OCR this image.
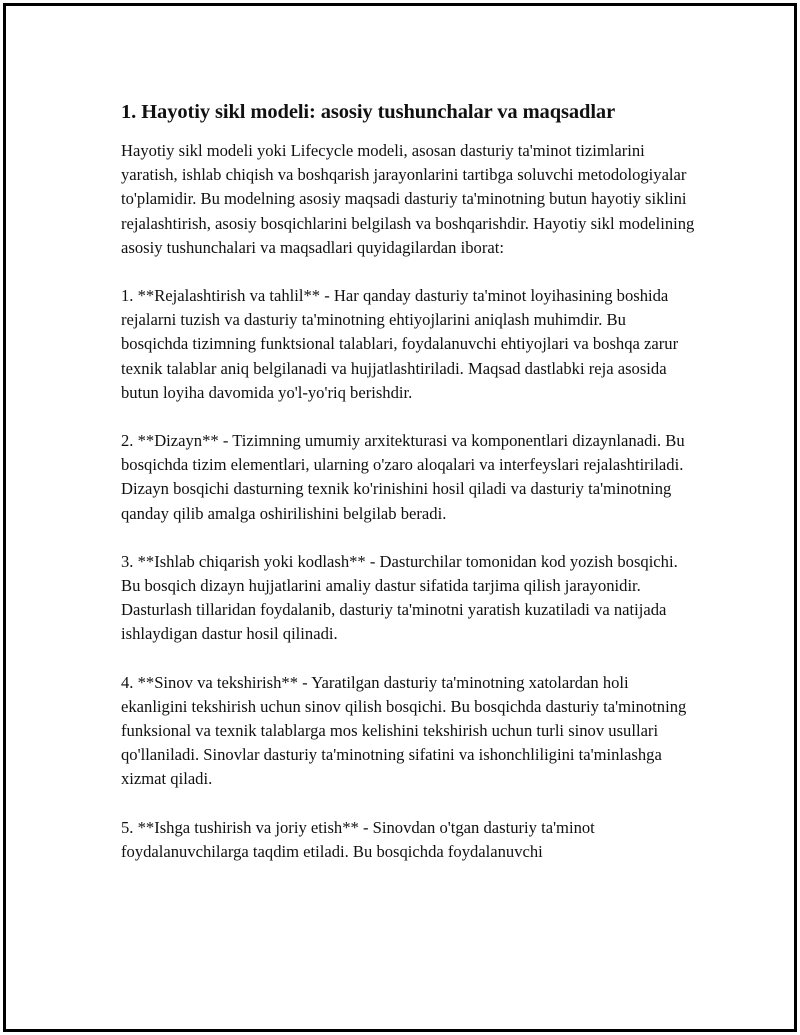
1. Hayotiy sikl modeli: asosiy tushunchalar va maqsadlar

Hayotiy sikl modeli yoki Lifecycle modeli, asosan dasturiy ta'minot tizimlarini yaratish, ishlab chiqish va boshqarish jarayonlarini tartibga soluvchi metodologiyalar to'plamidir. Bu modelning asosiy maqsadi dasturiy ta'minotning butun hayotiy siklini rejalashtirish, asosiy bosqichlarini belgilash va boshqarishdir. Hayotiy sikl modelining asosiy tushunchalari va maqsadlari quyidagilardan iborat:

1. **Rejalashtirish va tahlil** - Har qanday dasturiy ta'minot loyihasining boshida rejalarni tuzish va dasturiy ta'minotning ehtiyojlarini aniqlash muhimdir. Bu bosqichda tizimning funktsional talablari, foydalanuvchi ehtiyojlari va boshqa zarur texnik talablar aniq belgilanadi va hujjatlashtiriladi. Maqsad dastlabki reja asosida butun loyiha davomida yo'l-yo'riq berishdir.

2. **Dizayn** - Tizimning umumiy arxitekturasi va komponentlari dizaynlanadi. Bu bosqichda tizim elementlari, ularning o'zaro aloqalari va interfeyslari rejalashtiriladi. Dizayn bosqichi dasturning texnik ko'rinishini hosil qiladi va dasturiy ta'minotning qanday qilib amalga oshirilishini belgilab beradi.

3. **Ishlab chiqarish yoki kodlash** - Dasturchilar tomonidan kod yozish bosqichi. Bu bosqich dizayn hujjatlarini amaliy dastur sifatida tarjima qilish jarayonidir. Dasturlash tillaridan foydalanib, dasturiy ta'minotni yaratish kuzatiladi va natijada ishlaydigan dastur hosil qilinadi.

4. **Sinov va tekshirish** - Yaratilgan dasturiy ta'minotning xatolardan holi ekanligini tekshirish uchun sinov qilish bosqichi. Bu bosqichda dasturiy ta'minotning funksional va texnik talablarga mos kelishini tekshirish uchun turli sinov usullari qo'llaniladi. Sinovlar dasturiy ta'minotning sifatini va ishonchliligini ta'minlashga xizmat qiladi.

5. **Ishga tushirish va joriy etish** - Sinovdan o'tgan dasturiy ta'minot foydalanuvchilarga taqdim etiladi. Bu bosqichda foydalanuvchi
